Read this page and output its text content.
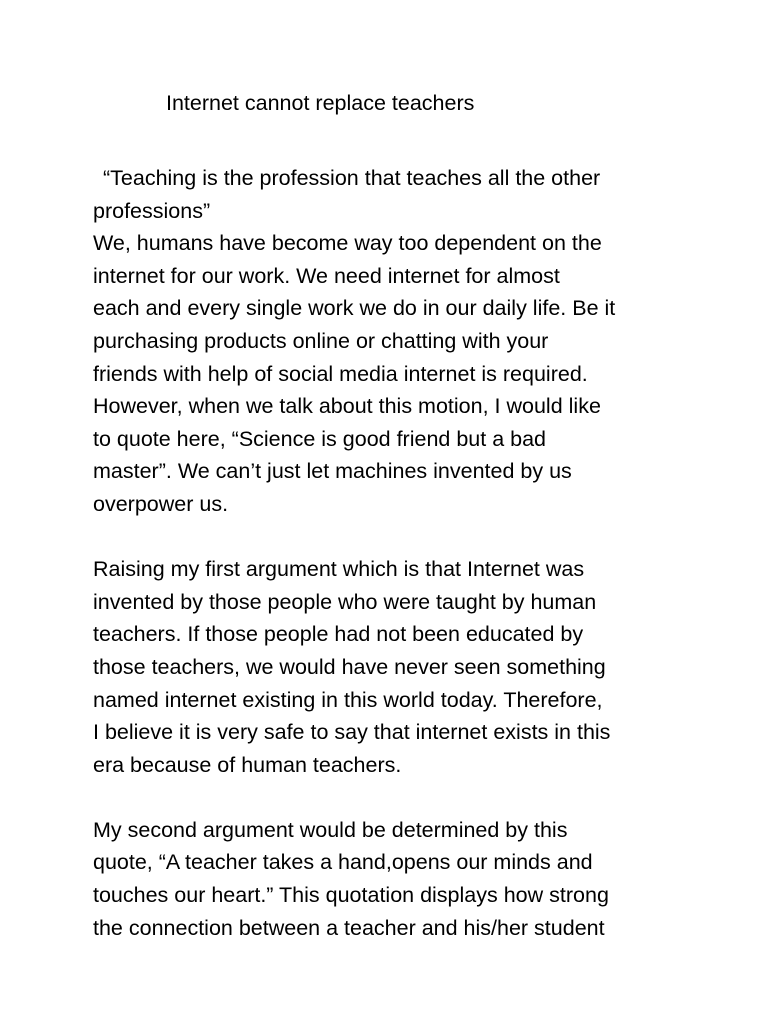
Internet cannot replace teachers
“Teaching is the profession that teaches all the other
professions”
We, humans have become way too dependent on the
internet for our work. We need internet for almost
each and every single work we do in our daily life. Be it
purchasing products online or chatting with your
friends with help of social media internet is required.
However, when we talk about this motion, I would like
to quote here, “Science is good friend but a bad
master”. We can’t just let machines invented by us
overpower us.
Raising my first argument which is that Internet was
invented by those people who were taught by human
teachers. If those people had not been educated by
those teachers, we would have never seen something
named internet existing in this world today. Therefore,
I believe it is very safe to say that internet exists in this
era because of human teachers.
My second argument would be determined by this
quote, “A teacher takes a hand,opens our minds and
touches our heart.” This quotation displays how strong
the connection between a teacher and his/her student
